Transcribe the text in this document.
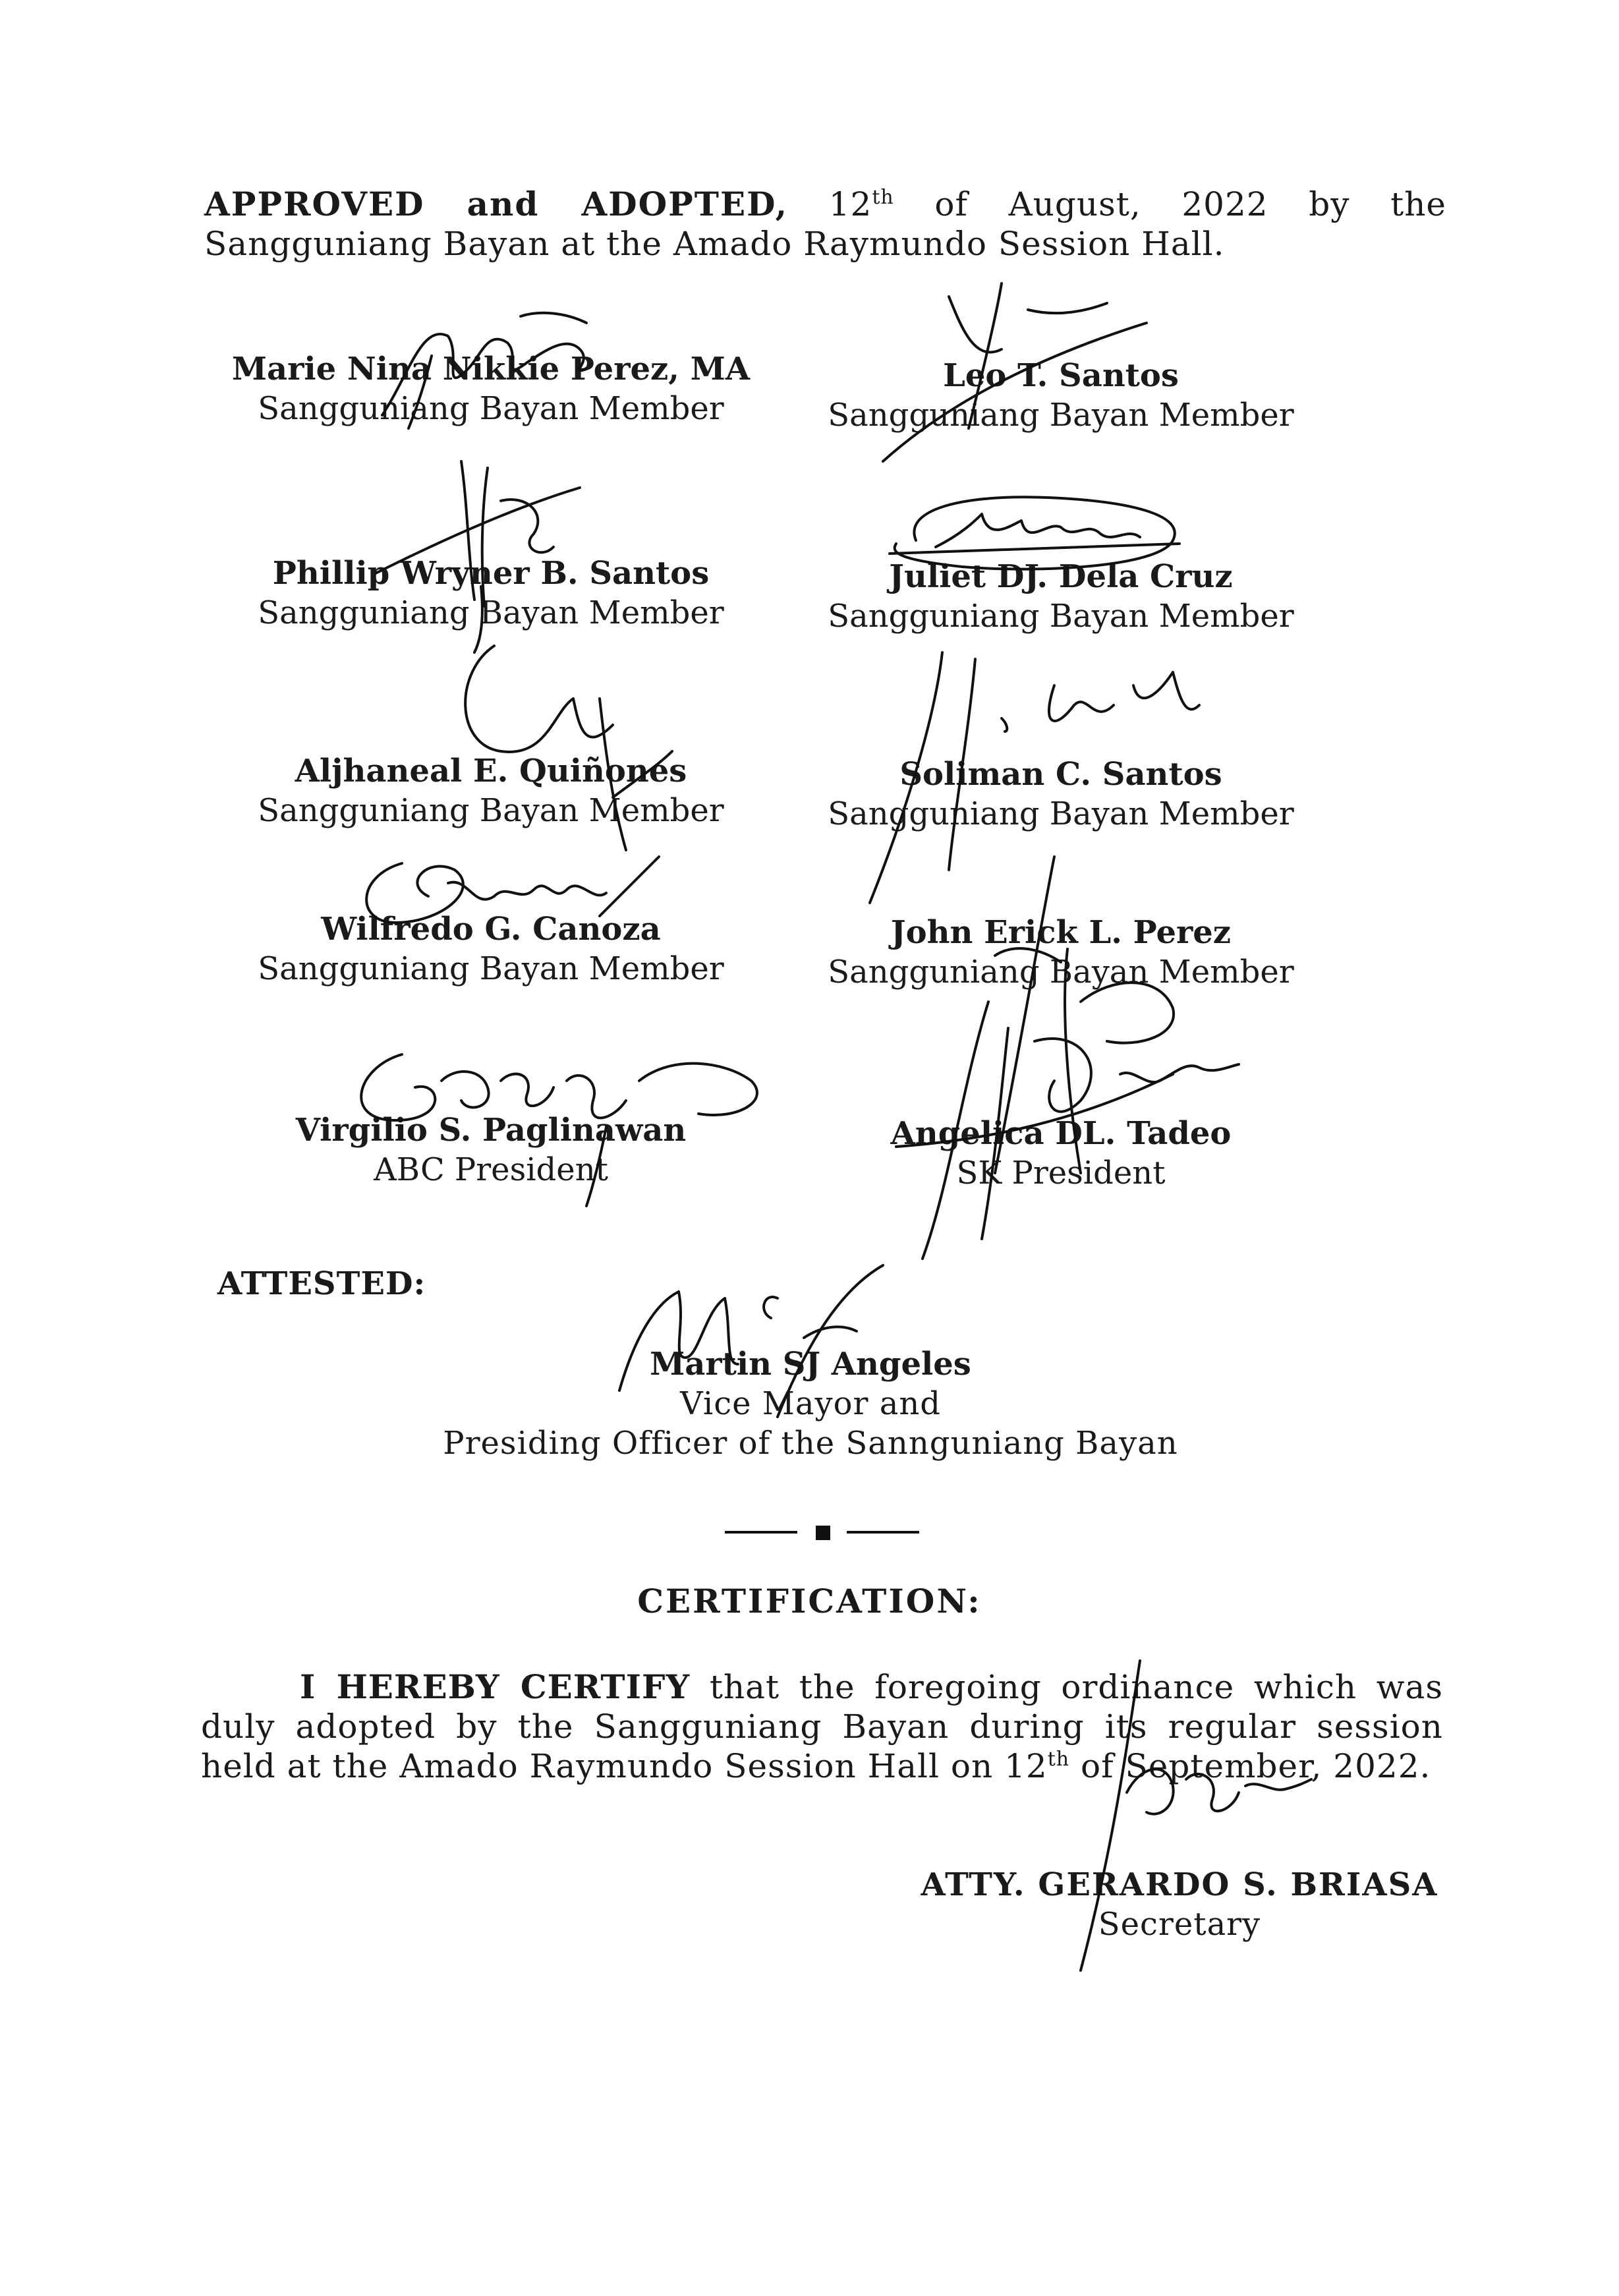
APPROVED and ADOPTED, 12th of August, 2022 by the Sangguniang Bayan at the Amado Raymundo Session Hall.
Marie Nina Nikkie Perez, MA
Sangguniang Bayan Member
Leo T. Santos
Sangguniang Bayan Member
Phillip Wryner B. Santos
Sangguniang Bayan Member
Juliet DJ. Dela Cruz
Sangguniang Bayan Member
Aljhaneal E. Quiñones
Sangguniang Bayan Member
Soliman C. Santos
Sangguniang Bayan Member
Wilfredo G. Canoza
Sangguniang Bayan Member
John Erick L. Perez
Sangguniang Bayan Member
Virgilio S. Paglinawan
ABC President
Angelica DL. Tadeo
SK President
ATTESTED:
Martin SJ Angeles
Vice Mayor and
Presiding Officer of the Sannguniang Bayan
CERTIFICATION:
I HEREBY CERTIFY that the foregoing ordinance which was duly adopted by the Sangguniang Bayan during its regular session held at the Amado Raymundo Session Hall on 12th of September, 2022.
ATTY. GERARDO S. BRIASA
Secretary
